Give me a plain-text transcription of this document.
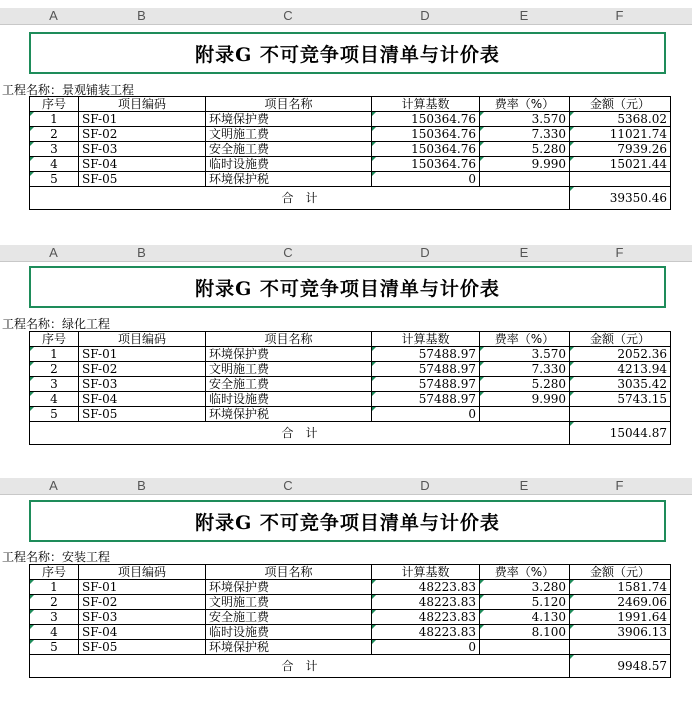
A	B	C	D	E	F
附录G 不可竞争项目清单与计价表
工程名称：景观铺装工程
序号	项目编码	项目名称	计算基数	费率（%）	金额（元）
1	SF-01	环境保护费	150364.76	3.570	5368.02
2	SF-02	文明施工费	150364.76	7.330	11021.74
3	SF-03	安全施工费	150364.76	5.280	7939.26
4	SF-04	临时设施费	150364.76	9.990	15021.44
5	SF-05	环境保护税	0		
合　计					39350.46
A	B	C	D	E	F
附录G 不可竞争项目清单与计价表
工程名称：绿化工程
序号	项目编码	项目名称	计算基数	费率（%）	金额（元）
1	SF-01	环境保护费	57488.97	3.570	2052.36
2	SF-02	文明施工费	57488.97	7.330	4213.94
3	SF-03	安全施工费	57488.97	5.280	3035.42
4	SF-04	临时设施费	57488.97	9.990	5743.15
5	SF-05	环境保护税	0		
合　计					15044.87
A	B	C	D	E	F
附录G 不可竞争项目清单与计价表
工程名称：安装工程
序号	项目编码	项目名称	计算基数	费率（%）	金额（元）
1	SF-01	环境保护费	48223.83	3.280	1581.74
2	SF-02	文明施工费	48223.83	5.120	2469.06
3	SF-03	安全施工费	48223.83	4.130	1991.64
4	SF-04	临时设施费	48223.83	8.100	3906.13
5	SF-05	环境保护税	0		
合　计					9948.57
